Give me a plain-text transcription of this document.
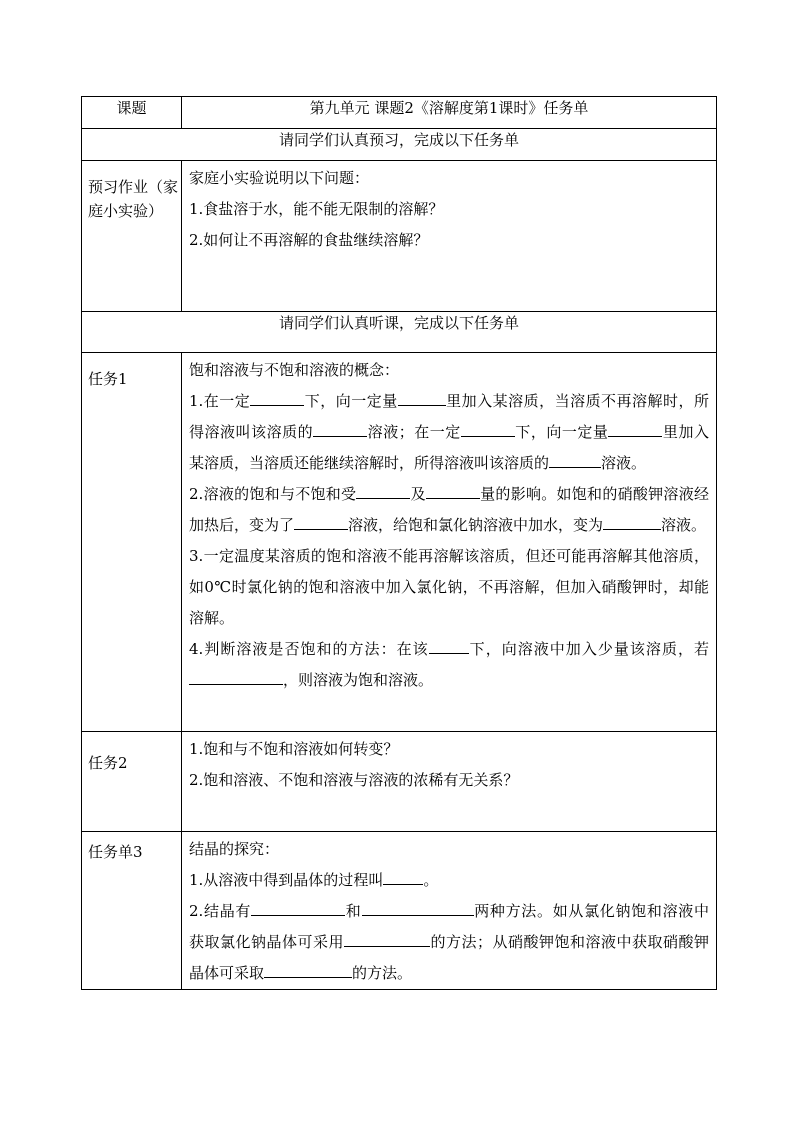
课题	第九单元 课题2《溶解度第1课时》任务单
请同学们认真预习，完成以下任务单	
预习作业（家庭小实验）	家庭小实验说明以下问题：

1.食盐溶于水，能不能无限制的溶解？

2.如何让不再溶解的食盐继续溶解？

请同学们认真听课，完成以下任务单	
任务1	饱和溶液与不饱和溶液的概念：

1.在一定 下，向一定量 里加入某溶质，当溶质不再溶解时，所得溶液叫该溶质的 溶液；在一定 下，向一定量 里加入某溶质，当溶质还能继续溶解时，所得溶液叫该溶质的 溶液。

2.溶液的饱和与不饱和受 及 量的影响。如饱和的硝酸钾溶液经加热后，变为了 溶液，给饱和氯化钠溶液中加水，变为 溶液。

3.一定温度某溶质的饱和溶液不能再溶解该溶质，但还可能再溶解其他溶质，如0℃时氯化钠的饱和溶液中加入氯化钠，不再溶解，但加入硝酸钾时，却能溶解。

4.判断溶液是否饱和的方法：在该 下，向溶液中加入少量该溶质，若，则溶液为饱和溶液。

任务2	1.饱和与不饱和溶液如何转变？

2.饱和溶液、不饱和溶液与溶液的浓稀有无关系？

任务单3	结晶的探究：

1.从溶液中得到晶体的过程叫 。

2.结晶有 和 两种方法。如从氯化钠饱和溶液中获取氯化钠晶体可采用 的方法；从硝酸钾饱和溶液中获取硝酸钾晶体可采取 的方法。
